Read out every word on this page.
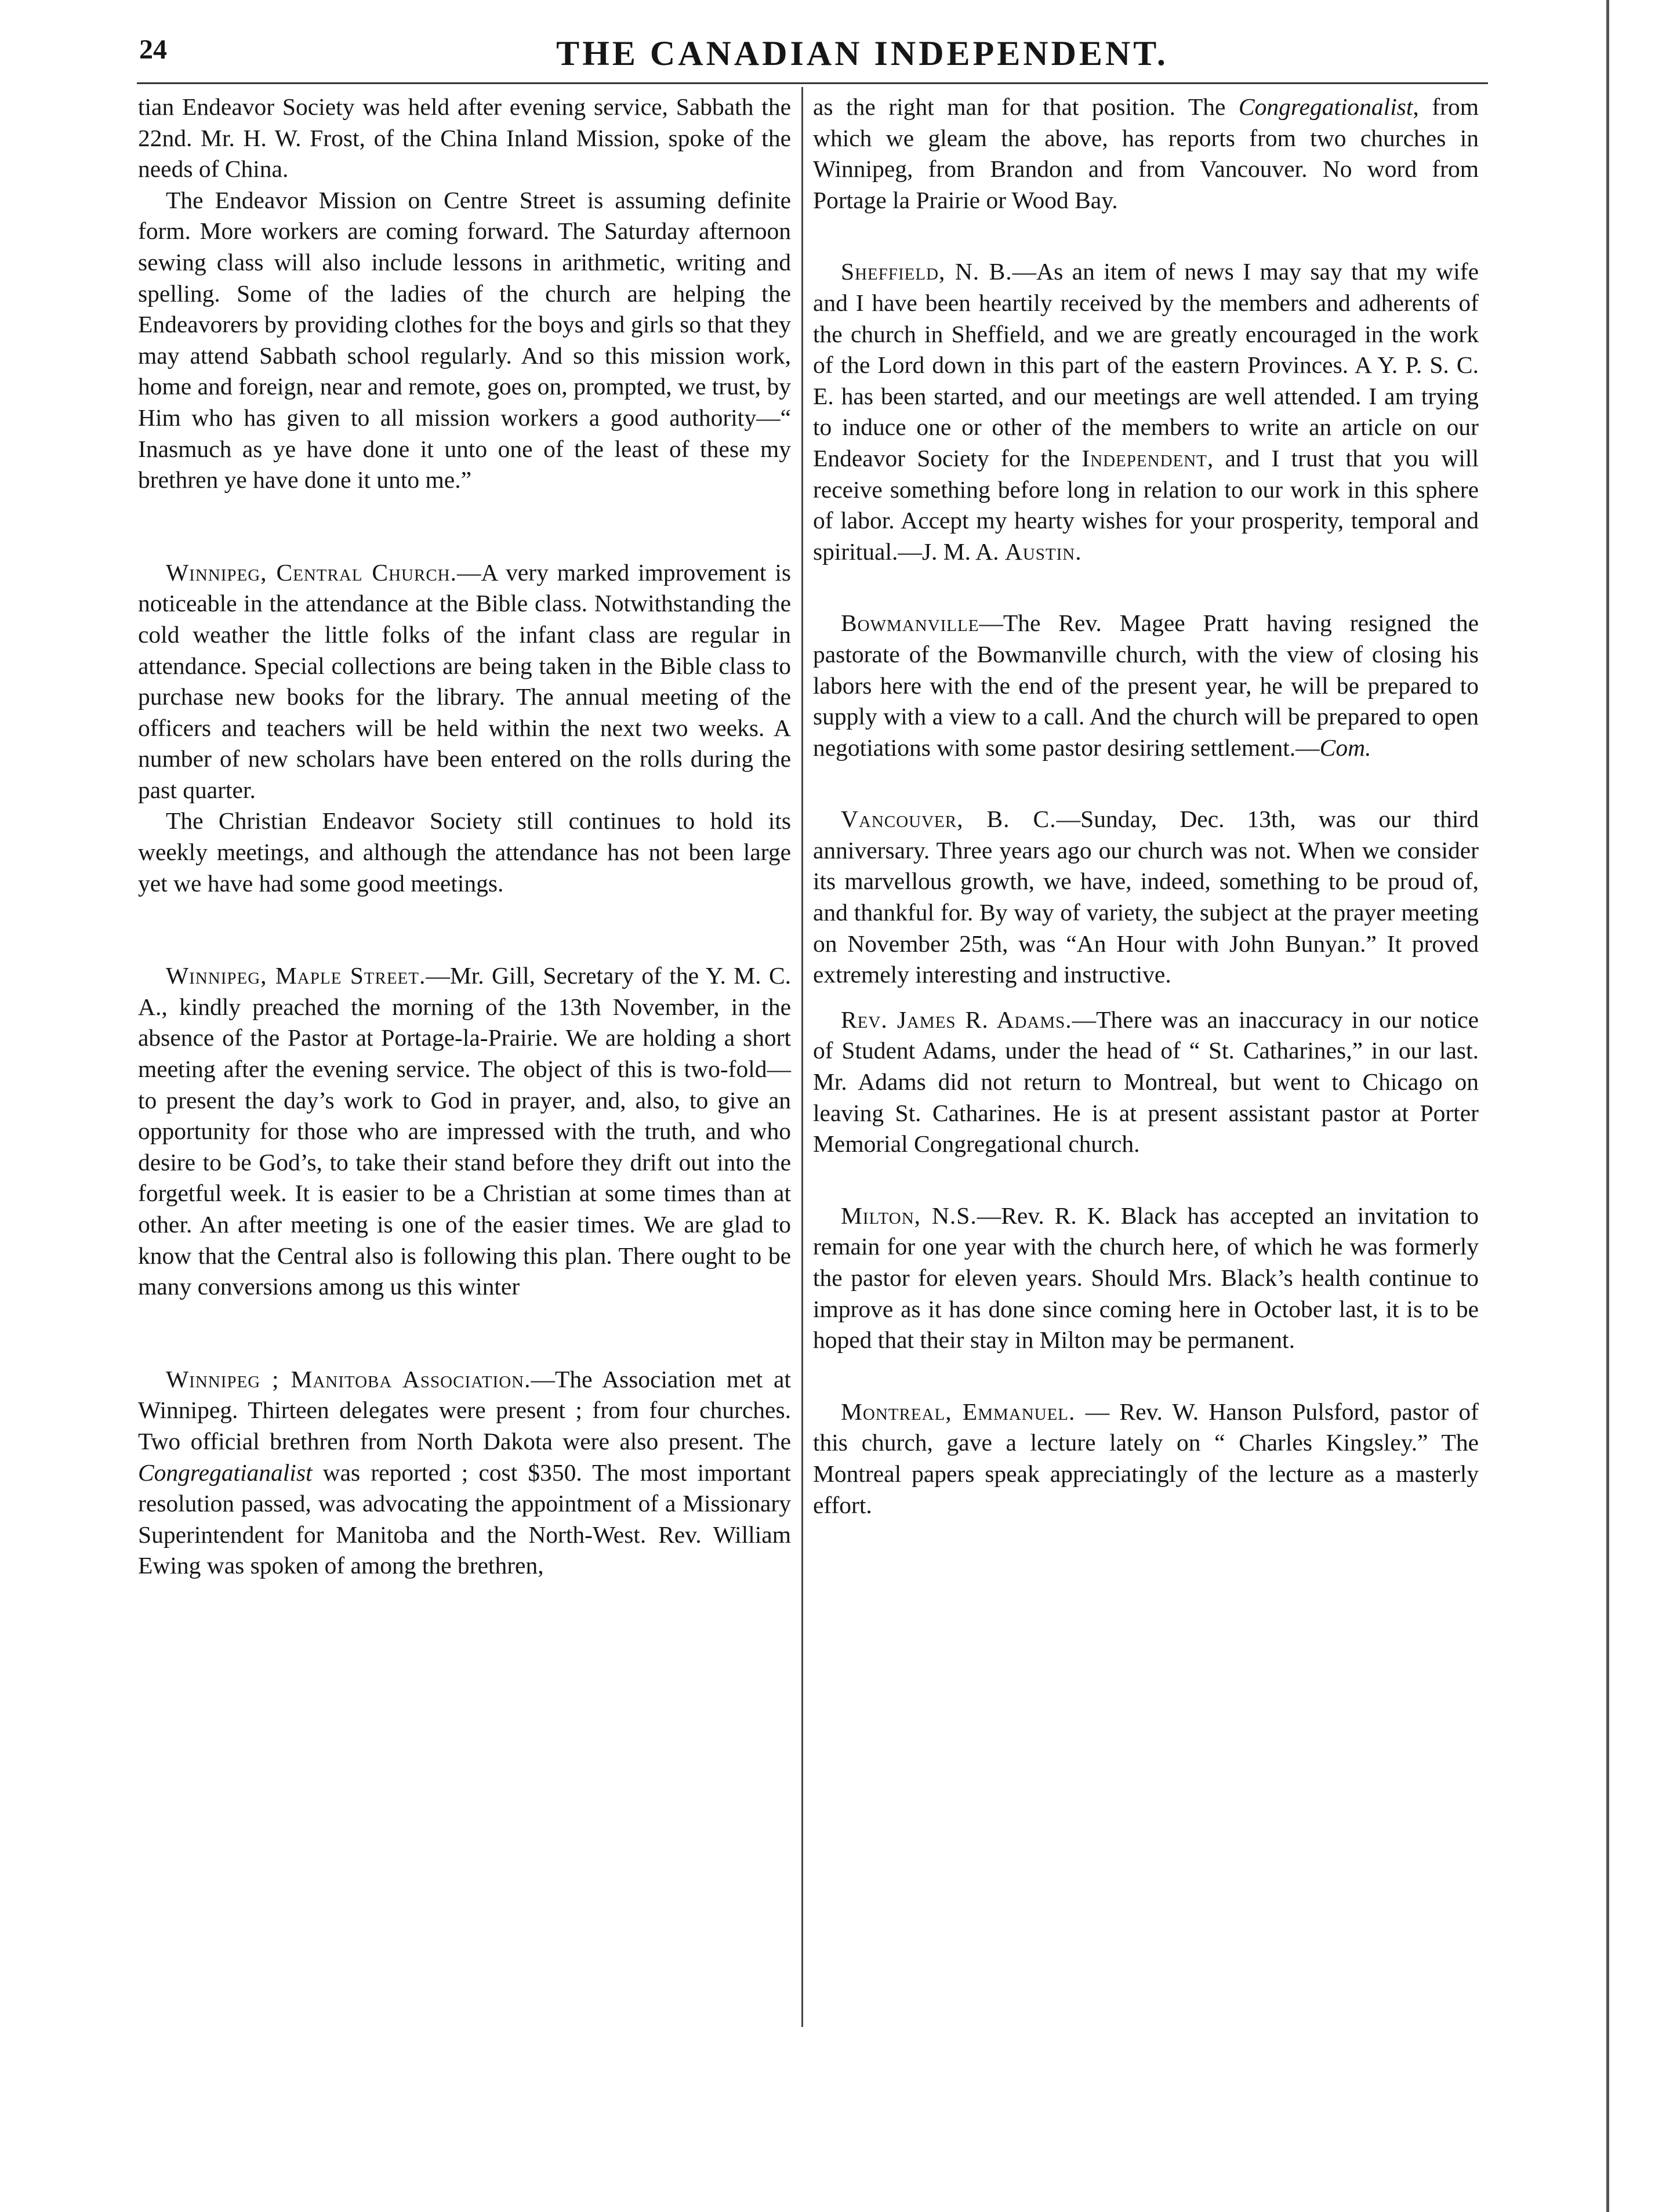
24	THE CANADIAN INDEPENDENT.

tian Endeavor Society was held after evening service, Sabbath the 22nd. Mr. H. W. Frost, of the China Inland Mission, spoke of the needs of China.

The Endeavor Mission on Centre Street is assuming definite form. More workers are coming forward. The Saturday afternoon sewing class will also include lessons in arithmetic, writing and spelling. Some of the ladies of the church are helping the Endeavorers by providing clothes for the boys and girls so that they may attend Sabbath school regularly. And so this mission work, home and foreign, near and remote, goes on, prompted, we trust, by Him who has given to all mission workers a good authority—“ Inasmuch as ye have done it unto one of the least of these my brethren ye have done it unto me.”

Winnipeg, Central Church.—A very marked improvement is noticeable in the attendance at the Bible class. Notwithstanding the cold weather the little folks of the infant class are regular in attendance. Special collections are being taken in the Bible class to purchase new books for the library. The annual meeting of the officers and teachers will be held within the next two weeks. A number of new scholars have been entered on the rolls during the past quarter.

The Christian Endeavor Society still continues to hold its weekly meetings, and although the attendance has not been large yet we have had some good meetings.

Winnipeg, Maple Street.—Mr. Gill, Secretary of the Y. M. C. A., kindly preached the morning of the 13th November, in the absence of the Pastor at Portage-la-Prairie. We are holding a short meeting after the evening service. The object of this is two-fold—to present the day’s work to God in prayer, and, also, to give an opportunity for those who are impressed with the truth, and who desire to be God’s, to take their stand before they drift out into the forgetful week. It is easier to be a Christian at some times than at other. An after meeting is one of the easier times. We are glad to know that the Central also is following this plan. There ought to be many conversions among us this winter

Winnipeg ; Manitoba Association.—The Association met at Winnipeg. Thirteen delegates were present ; from four churches. Two official brethren from North Dakota were also present. The Congregatianalist was reported ; cost $350. The most important resolution passed, was advocating the appointment of a Missionary Superintendent for Manitoba and the North-West. Rev. William Ewing was spoken of among the brethren,

as the right man for that position. The Congregationalist, from which we gleam the above, has reports from two churches in Winnipeg, from Brandon and from Vancouver. No word from Portage la Prairie or Wood Bay.

Sheffield, N. B.—As an item of news I may say that my wife and I have been heartily received by the members and adherents of the church in Sheffield, and we are greatly encouraged in the work of the Lord down in this part of the eastern Provinces. A Y. P. S. C. E. has been started, and our meetings are well attended. I am trying to induce one or other of the members to write an article on our Endeavor Society for the Independent, and I trust that you will receive something before long in relation to our work in this sphere of labor. Accept my hearty wishes for your prosperity, temporal and spiritual.—J. M. A. Austin.

Bowmanville—The Rev. Magee Pratt having resigned the pastorate of the Bowmanville church, with the view of closing his labors here with the end of the present year, he will be prepared to supply with a view to a call. And the church will be prepared to open negotiations with some pastor desiring settlement.—Com.

Vancouver, B. C.—Sunday, Dec. 13th, was our third anniversary. Three years ago our church was not. When we consider its marvellous growth, we have, indeed, something to be proud of, and thankful for. By way of variety, the subject at the prayer meeting on November 25th, was “An Hour with John Bunyan.” It proved extremely interesting and instructive.

Rev. James R. Adams.—There was an inaccuracy in our notice of Student Adams, under the head of “ St. Catharines,” in our last. Mr. Adams did not return to Montreal, but went to Chicago on leaving St. Catharines. He is at present assistant pastor at Porter Memorial Congregational church.

Milton, N.S.—Rev. R. K. Black has accepted an invitation to remain for one year with the church here, of which he was formerly the pastor for eleven years. Should Mrs. Black’s health continue to improve as it has done since coming here in October last, it is to be hoped that their stay in Milton may be permanent.

Montreal, Emmanuel. — Rev. W. Hanson Pulsford, pastor of this church, gave a lecture lately on “ Charles Kingsley.” The Montreal papers speak appreciatingly of the lecture as a masterly effort.
